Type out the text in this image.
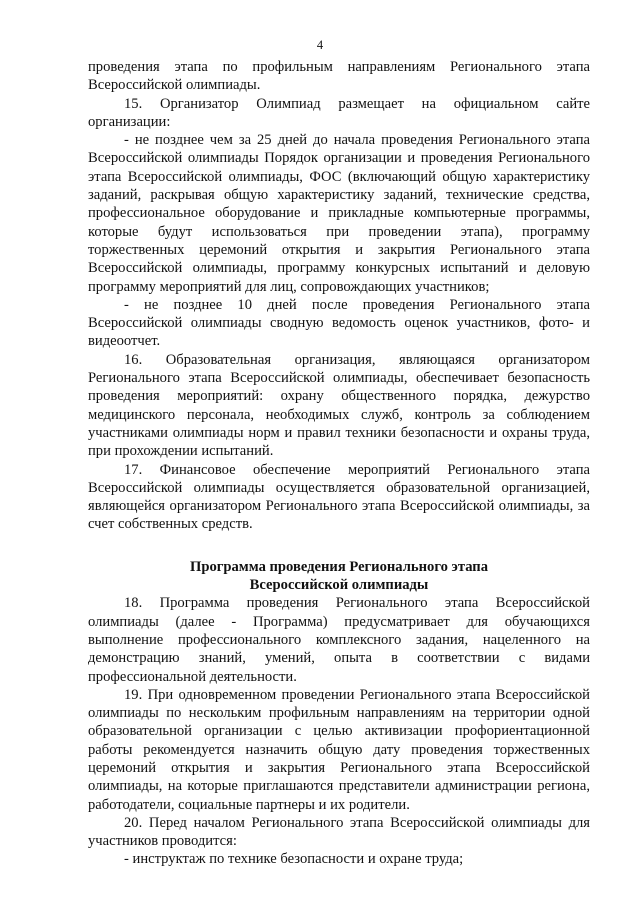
4

проведения этапа по профильным направлениям Регионального этапа Всероссийской олимпиады.

15. Организатор Олимпиад размещает на официальном сайте организации:

- не позднее чем за 25 дней до начала проведения Регионального этапа Всероссийской олимпиады Порядок организации и проведения Регионального этапа Всероссийской олимпиады, ФОС (включающий общую характеристику заданий, раскрывая общую характеристику заданий, технические средства, профессиональное оборудование и прикладные компьютерные программы, которые будут использоваться при проведении этапа), программу торжественных церемоний открытия и закрытия Регионального этапа Всероссийской олимпиады, программу конкурсных испытаний и деловую программу мероприятий для лиц, сопровождающих участников;

- не позднее 10 дней после проведения Регионального этапа Всероссийской олимпиады сводную ведомость оценок участников, фото- и видеоотчет.

16. Образовательная организация, являющаяся организатором Регионального этапа Всероссийской олимпиады, обеспечивает безопасность проведения мероприятий: охрану общественного порядка, дежурство медицинского персонала, необходимых служб, контроль за соблюдением участниками олимпиады норм и правил техники безопасности и охраны труда, при прохождении испытаний.

17. Финансовое обеспечение мероприятий Регионального этапа Всероссийской олимпиады осуществляется образовательной организацией, являющейся организатором Регионального этапа Всероссийской олимпиады, за счет собственных средств.

Программа проведения Регионального этапа
Всероссийской олимпиады

18. Программа проведения Регионального этапа Всероссийской олимпиады (далее - Программа) предусматривает для обучающихся выполнение профессионального комплексного задания, нацеленного на демонстрацию знаний, умений, опыта в соответствии с видами профессиональной деятельности.

19. При одновременном проведении Регионального этапа Всероссийской олимпиады по нескольким профильным направлениям на территории одной образовательной организации с целью активизации профориентационной работы рекомендуется назначить общую дату проведения торжественных церемоний открытия и закрытия Регионального этапа Всероссийской олимпиады, на которые приглашаются представители администрации региона, работодатели, социальные партнеры и их родители.

20. Перед началом Регионального этапа Всероссийской олимпиады для участников проводится:

- инструктаж по технике безопасности и охране труда;
